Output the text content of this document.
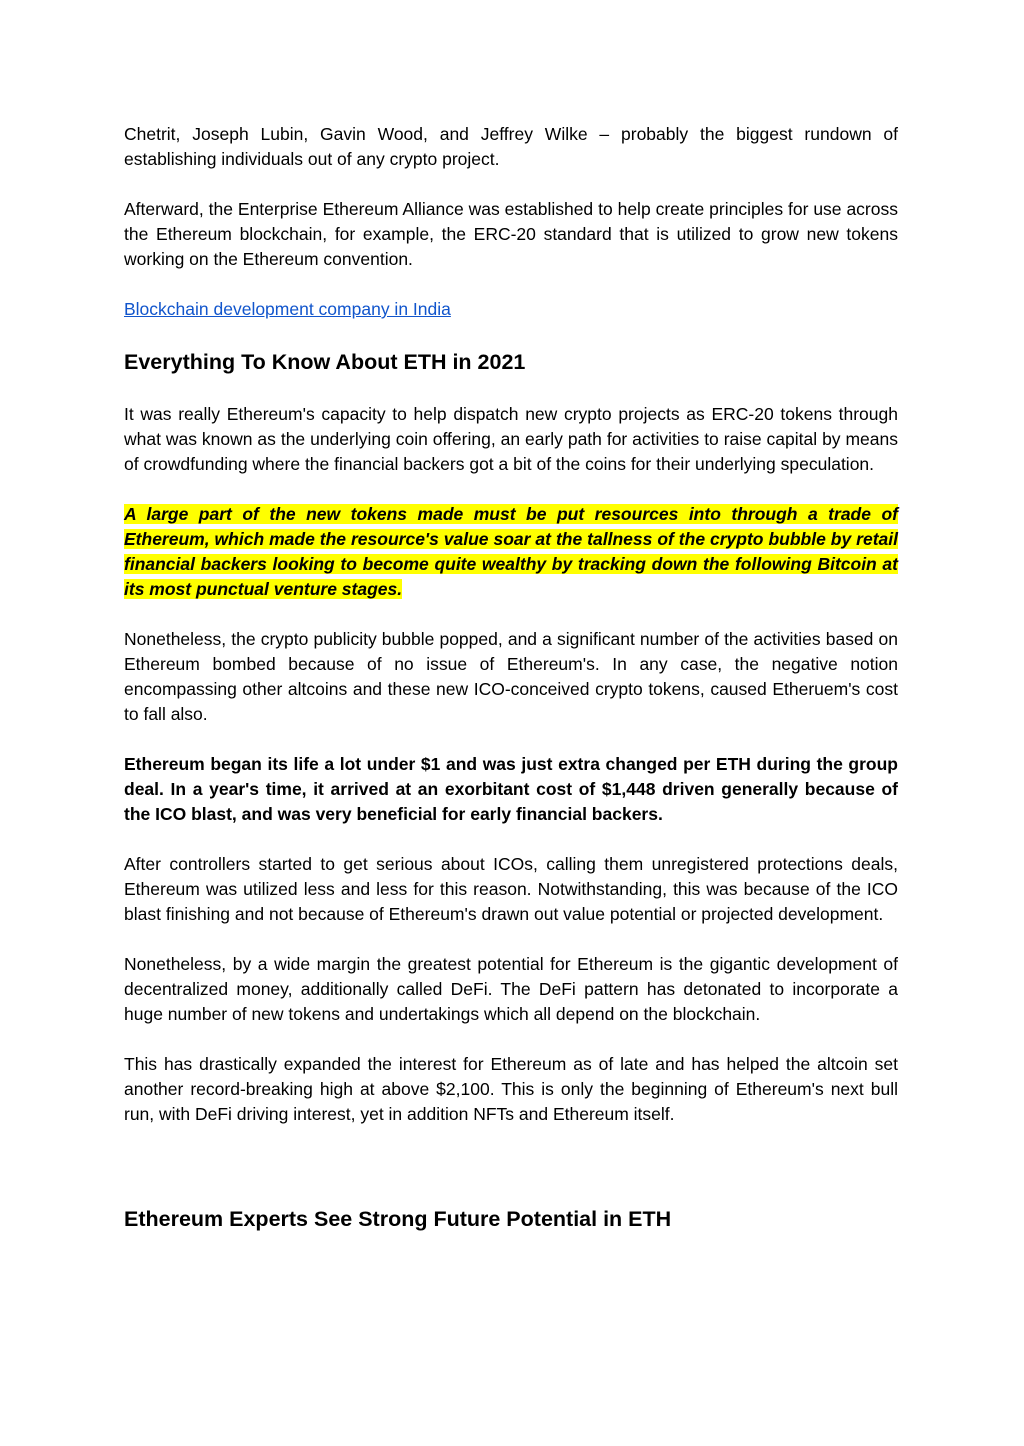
Chetrit, Joseph Lubin, Gavin Wood, and Jeffrey Wilke – probably the biggest rundown of establishing individuals out of any crypto project.

Afterward, the Enterprise Ethereum Alliance was established to help create principles for use across the Ethereum blockchain, for example, the ERC-20 standard that is utilized to grow new tokens working on the Ethereum convention.

Blockchain development company in India

Everything To Know About ETH in 2021

It was really Ethereum's capacity to help dispatch new crypto projects as ERC-20 tokens through what was known as the underlying coin offering, an early path for activities to raise capital by means of crowdfunding where the financial backers got a bit of the coins for their underlying speculation.

A large part of the new tokens made must be put resources into through a trade of Ethereum, which made the resource's value soar at the tallness of the crypto bubble by retail financial backers looking to become quite wealthy by tracking down the following Bitcoin at its most punctual venture stages.

Nonetheless, the crypto publicity bubble popped, and a significant number of the activities based on Ethereum bombed because of no issue of Ethereum's. In any case, the negative notion encompassing other altcoins and these new ICO-conceived crypto tokens, caused Etheruem's cost to fall also.

Ethereum began its life a lot under $1 and was just extra changed per ETH during the group deal. In a year's time, it arrived at an exorbitant cost of $1,448 driven generally because of the ICO blast, and was very beneficial for early financial backers.

After controllers started to get serious about ICOs, calling them unregistered protections deals, Ethereum was utilized less and less for this reason. Notwithstanding, this was because of the ICO blast finishing and not because of Ethereum's drawn out value potential or projected development.

Nonetheless, by a wide margin the greatest potential for Ethereum is the gigantic development of decentralized money, additionally called DeFi. The DeFi pattern has detonated to incorporate a huge number of new tokens and undertakings which all depend on the blockchain.

This has drastically expanded the interest for Ethereum as of late and has helped the altcoin set another record-breaking high at above $2,100. This is only the beginning of Ethereum's next bull run, with DeFi driving interest, yet in addition NFTs and Ethereum itself.

Ethereum Experts See Strong Future Potential in ETH
